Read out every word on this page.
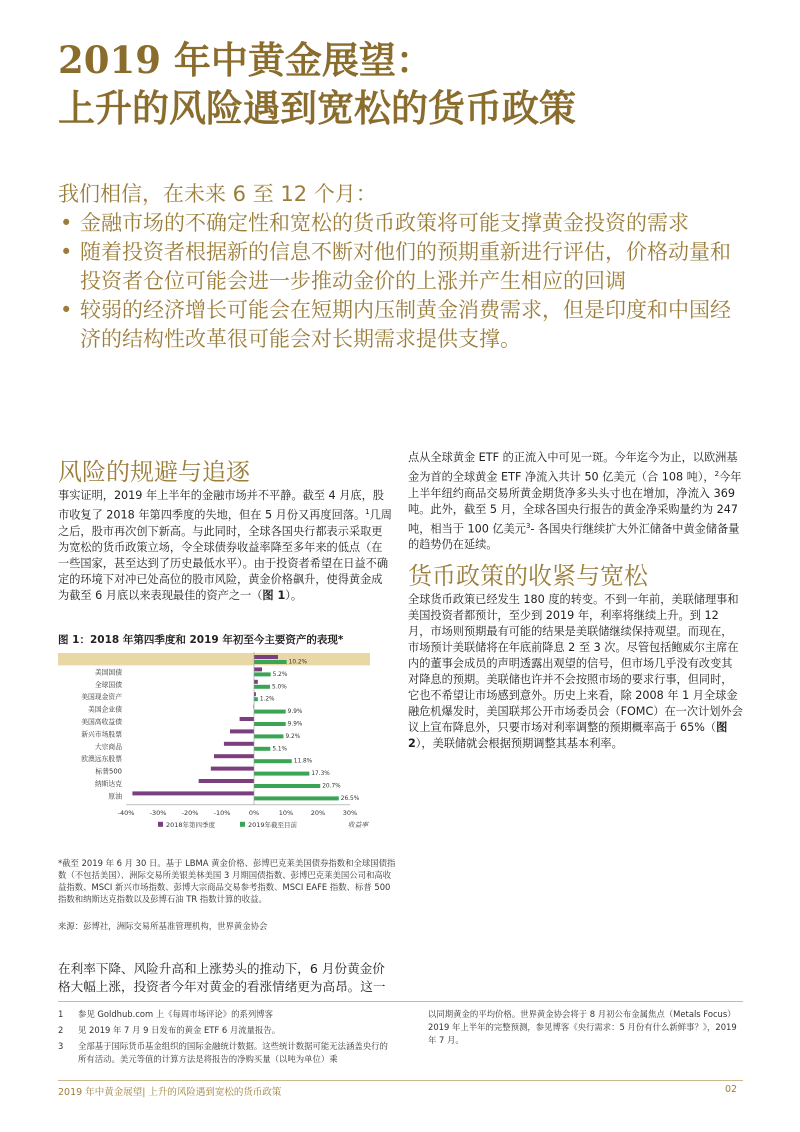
2019 年中黄金展望：
上升的风险遇到宽松的货币政策
我们相信，在未来 6 至 12 个月：
• 金融市场的不确定性和宽松的货币政策将可能支撑黄金投资的需求
• 随着投资者根据新的信息不断对他们的预期重新进行评估，价格动量和投资者仓位可能会进一步推动金价的上涨并产生相应的回调
• 较弱的经济增长可能会在短期内压制黄金消费需求，但是印度和中国经济的结构性改革很可能会对长期需求提供支撑。
风险的规避与追逐

事实证明，2019 年上半年的金融市场并不平静。截至 4 月底，股市收复了 2018 年第四季度的失地，但在 5 月份又再度回落。$^1$几周之后，股市再次创下新高。与此同时，全球各国央行都表示采取更为宽松的货币政策立场，令全球债券收益率降至多年来的低点（在一些国家，甚至达到了历史最低水平）。由于投资者希望在日益不确定的环境下对冲已处高位的股市风险，黄金价格飙升，使得黄金成为截至 6 月底以来表现最佳的资产之一（图 1）。

图 1：2018 年第四季度和 2019 年初至今主要资产的表现*
美国国债
全球国债
美国现金资产
美国企业债
美国高收益债
新兴市场股票
大宗商品
欧澳远东股票
标普500
纳斯达克
原油
10.2%
5.2%
5.0%
1.2%
9.9%
9.9%
9.2%
5.1%
11.8%
17.3%
20.7%
26.5%
-40% -30% -20% -10%	0%	10%	20%	30%
收益率
2018年第四季度	2019年截至目前
*截至 2019 年 6 月 30 日。基于 LBMA 黄金价格、彭博巴克莱美国债券指数和全球国债指数（不包括美国）、洲际交易所美银美林美国 3 月期国债指数、彭博巴克莱美国公司和高收益指数、MSCI 新兴市场指数、彭博大宗商品交易参考指数、MSCI EAFE 指数、标普 500 指数和纳斯达克指数以及彭博石油 TR 指数计算的收益。
来源：彭博社，洲际交易所基准管理机构，世界黄金协会

在利率下降、风险升高和上涨势头的推动下，6 月份黄金价格大幅上涨，投资者今年对黄金的看涨情绪更为高昂。这一

点从全球黄金 ETF 的正流入中可见一斑。今年迄今为止，以欧洲基金为首的全球黄金 ETF 净流入共计 50 亿美元（合 108 吨），$^2$今年上半年纽约商品交易所黄金期货净多头头寸也在增加，净流入 369 吨。此外，截至 5 月，全球各国央行报告的黄金净采购量约为 247 吨，相当于 100 亿美元$^3$- 各国央行继续扩大外汇储备中黄金储备量的趋势仍在延续。

货币政策的收紧与宽松

全球货币政策已经发生 180 度的转变。不到一年前，美联储理事和美国投资者都预计，至少到 2019 年，利率将继续上升。到 12 月，市场则预期最有可能的结果是美联储继续保持观望。而现在，市场预计美联储将在年底前降息 2 至 3 次。尽管包括鲍威尔主席在内的董事会成员的声明透露出观望的信号，但市场几乎没有改变其对降息的预期。美联储也许并不会按照市场的要求行事，但同时，它也不希望让市场感到意外。历史上来看，除 2008 年 1 月全球金融危机爆发时，美国联邦公开市场委员会（FOMC）在一次计划外会议上宣布降息外，只要市场对利率调整的预期概率高于 65%（图 2），美联储就会根据预期调整其基本利率。

1	参见 Goldhub.com 上《每周市场评论》的系列博客
2	见 2019 年 7 月 9 日发布的黄金 ETF 6 月流量报告。
3	全部基于国际货币基金组织的国际金融统计数据。这些统计数据可能无法涵盖央行的所有活动。美元等值的计算方法是将报告的净购买量（以吨为单位）乘
以同期黄金的平均价格。世界黄金协会将于 8 月初公布金属焦点（Metals Focus）2019 年上半年的完整预测，参见博客《央行需求：5 月份有什么新鲜事？》，2019 年 7 月。
2019 年中黄金展望| 上升的风险遇到宽松的货币政策	02
